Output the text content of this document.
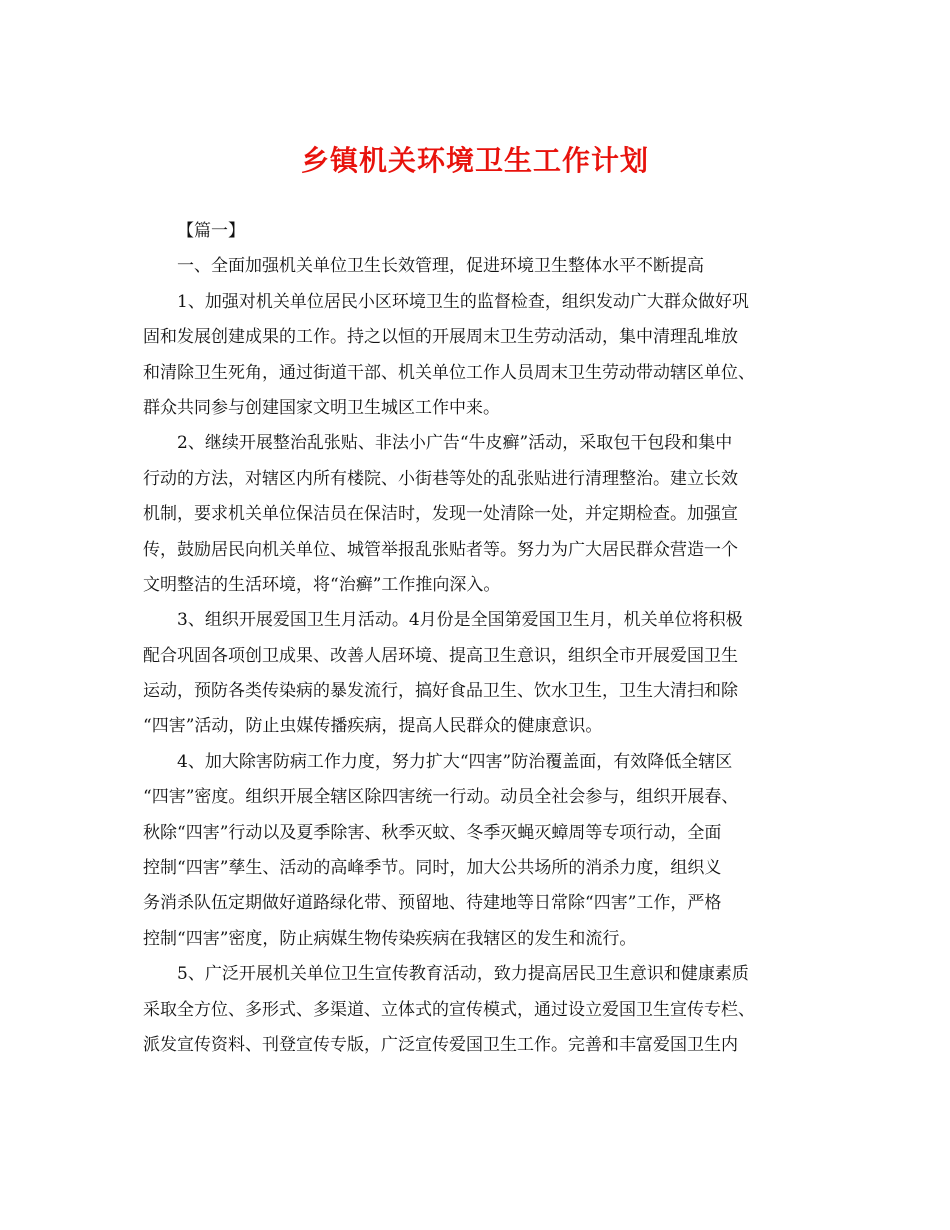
乡镇机关环境卫生工作计划
【篇一】
一、全面加强机关单位卫生长效管理，促进环境卫生整体水平不断提高
1、加强对机关单位居民小区环境卫生的监督检查，组织发动广大群众做好巩
固和发展创建成果的工作。持之以恒的开展周末卫生劳动活动，集中清理乱堆放
和清除卫生死角，通过街道干部、机关单位工作人员周末卫生劳动带动辖区单位、
群众共同参与创建国家文明卫生城区工作中来。
2、继续开展整治乱张贴、非法小广告“牛皮癣”活动，采取包干包段和集中
行动的方法，对辖区内所有楼院、小街巷等处的乱张贴进行清理整治。建立长效
机制，要求机关单位保洁员在保洁时，发现一处清除一处，并定期检查。加强宣
传，鼓励居民向机关单位、城管举报乱张贴者等。努力为广大居民群众营造一个
文明整洁的生活环境，将“治癣”工作推向深入。
3、组织开展爱国卫生月活动。4月份是全国第爱国卫生月，机关单位将积极
配合巩固各项创卫成果、改善人居环境、提高卫生意识，组织全市开展爱国卫生
运动，预防各类传染病的暴发流行，搞好食品卫生、饮水卫生，卫生大清扫和除
“四害”活动，防止虫媒传播疾病，提高人民群众的健康意识。
4、加大除害防病工作力度，努力扩大“四害”防治覆盖面，有效降低全辖区
“四害”密度。组织开展全辖区除四害统一行动。动员全社会参与，组织开展春、
秋除“四害”行动以及夏季除害、秋季灭蚊、冬季灭蝇灭蟑周等专项行动，全面
控制“四害”孳生、活动的高峰季节。同时，加大公共场所的消杀力度，组织义
务消杀队伍定期做好道路绿化带、预留地、待建地等日常除“四害”工作，严格
控制“四害”密度，防止病媒生物传染疾病在我辖区的发生和流行。
5、广泛开展机关单位卫生宣传教育活动，致力提高居民卫生意识和健康素质
采取全方位、多形式、多渠道、立体式的宣传模式，通过设立爱国卫生宣传专栏、
派发宣传资料、刊登宣传专版，广泛宣传爱国卫生工作。完善和丰富爱国卫生内
